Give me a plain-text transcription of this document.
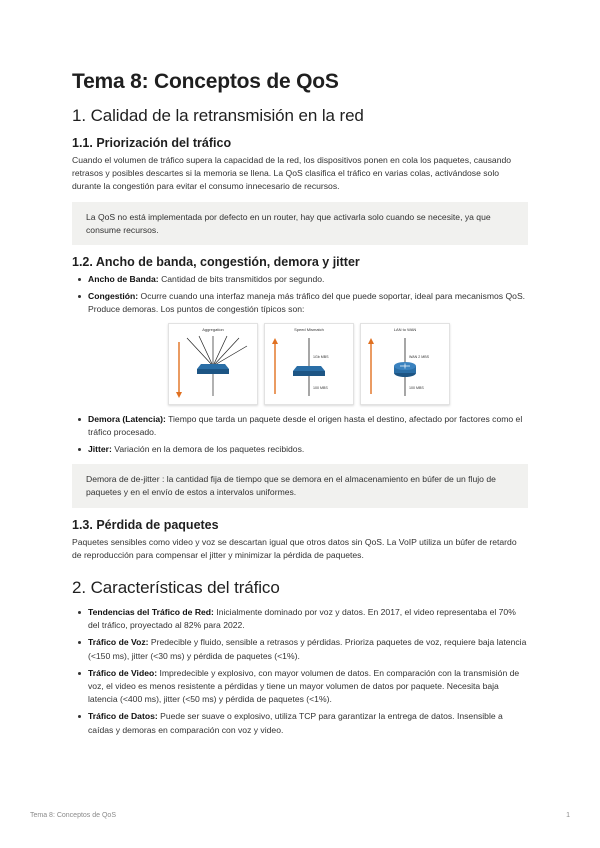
Tema 8: Conceptos de QoS
1. Calidad de la retransmisión en la red
1.1. Priorización del tráfico

Cuando el volumen de tráfico supera la capacidad de la red, los dispositivos ponen en cola los paquetes, causando retrasos y posibles descartes si la memoria se llena. La QoS clasifica el tráfico en varias colas, activándose solo durante la congestión para evitar el consumo innecesario de recursos.

La QoS no está implementada por defecto en un router, hay que activarla solo cuando se necesite, ya que consume recursos.
1.2. Ancho de banda, congestión, demora y jitter
Ancho de Banda: Cantidad de bits transmitidos por segundo.
Congestión: Ocurre cuando una interfaz maneja más tráfico del que puede soportar, ideal para mecanismos QoS. Produce demoras. Los puntos de congestión típicos son:
Aggregation	Speed Mismatch
1Gb MBS
100 MBS
LAN to WAN
WAN 2 MBS
100 MBS
Demora (Latencia): Tiempo que tarda un paquete desde el origen hasta el destino, afectado por factores como el tráfico procesado.
Jitter: Variación en la demora de los paquetes recibidos.
Demora de de-jitter : la cantidad fija de tiempo que se demora en el almacenamiento en búfer de un flujo de paquetes y en el envío de estos a intervalos uniformes.
1.3. Pérdida de paquetes

Paquetes sensibles como video y voz se descartan igual que otros datos sin QoS. La VoIP utiliza un búfer de retardo de reproducción para compensar el jitter y minimizar la pérdida de paquetes.

2. Características del tráfico
Tendencias del Tráfico de Red: Inicialmente dominado por voz y datos. En 2017, el video representaba el 70% del tráfico, proyectado al 82% para 2022.
Tráfico de Voz: Predecible y fluido, sensible a retrasos y pérdidas. Prioriza paquetes de voz, requiere baja latencia (<150 ms), jitter (<30 ms) y pérdida de paquetes (<1%).
Tráfico de Video: Impredecible y explosivo, con mayor volumen de datos. En comparación con la transmisión de voz, el video es menos resistente a pérdidas y tiene un mayor volumen de datos por paquete. Necesita baja latencia (<400 ms), jitter (<50 ms) y pérdida de paquetes (<1%).
Tráfico de Datos: Puede ser suave o explosivo, utiliza TCP para garantizar la entrega de datos. Insensible a caídas y demoras en comparación con voz y video.
Tema 8: Conceptos de QoS	1
